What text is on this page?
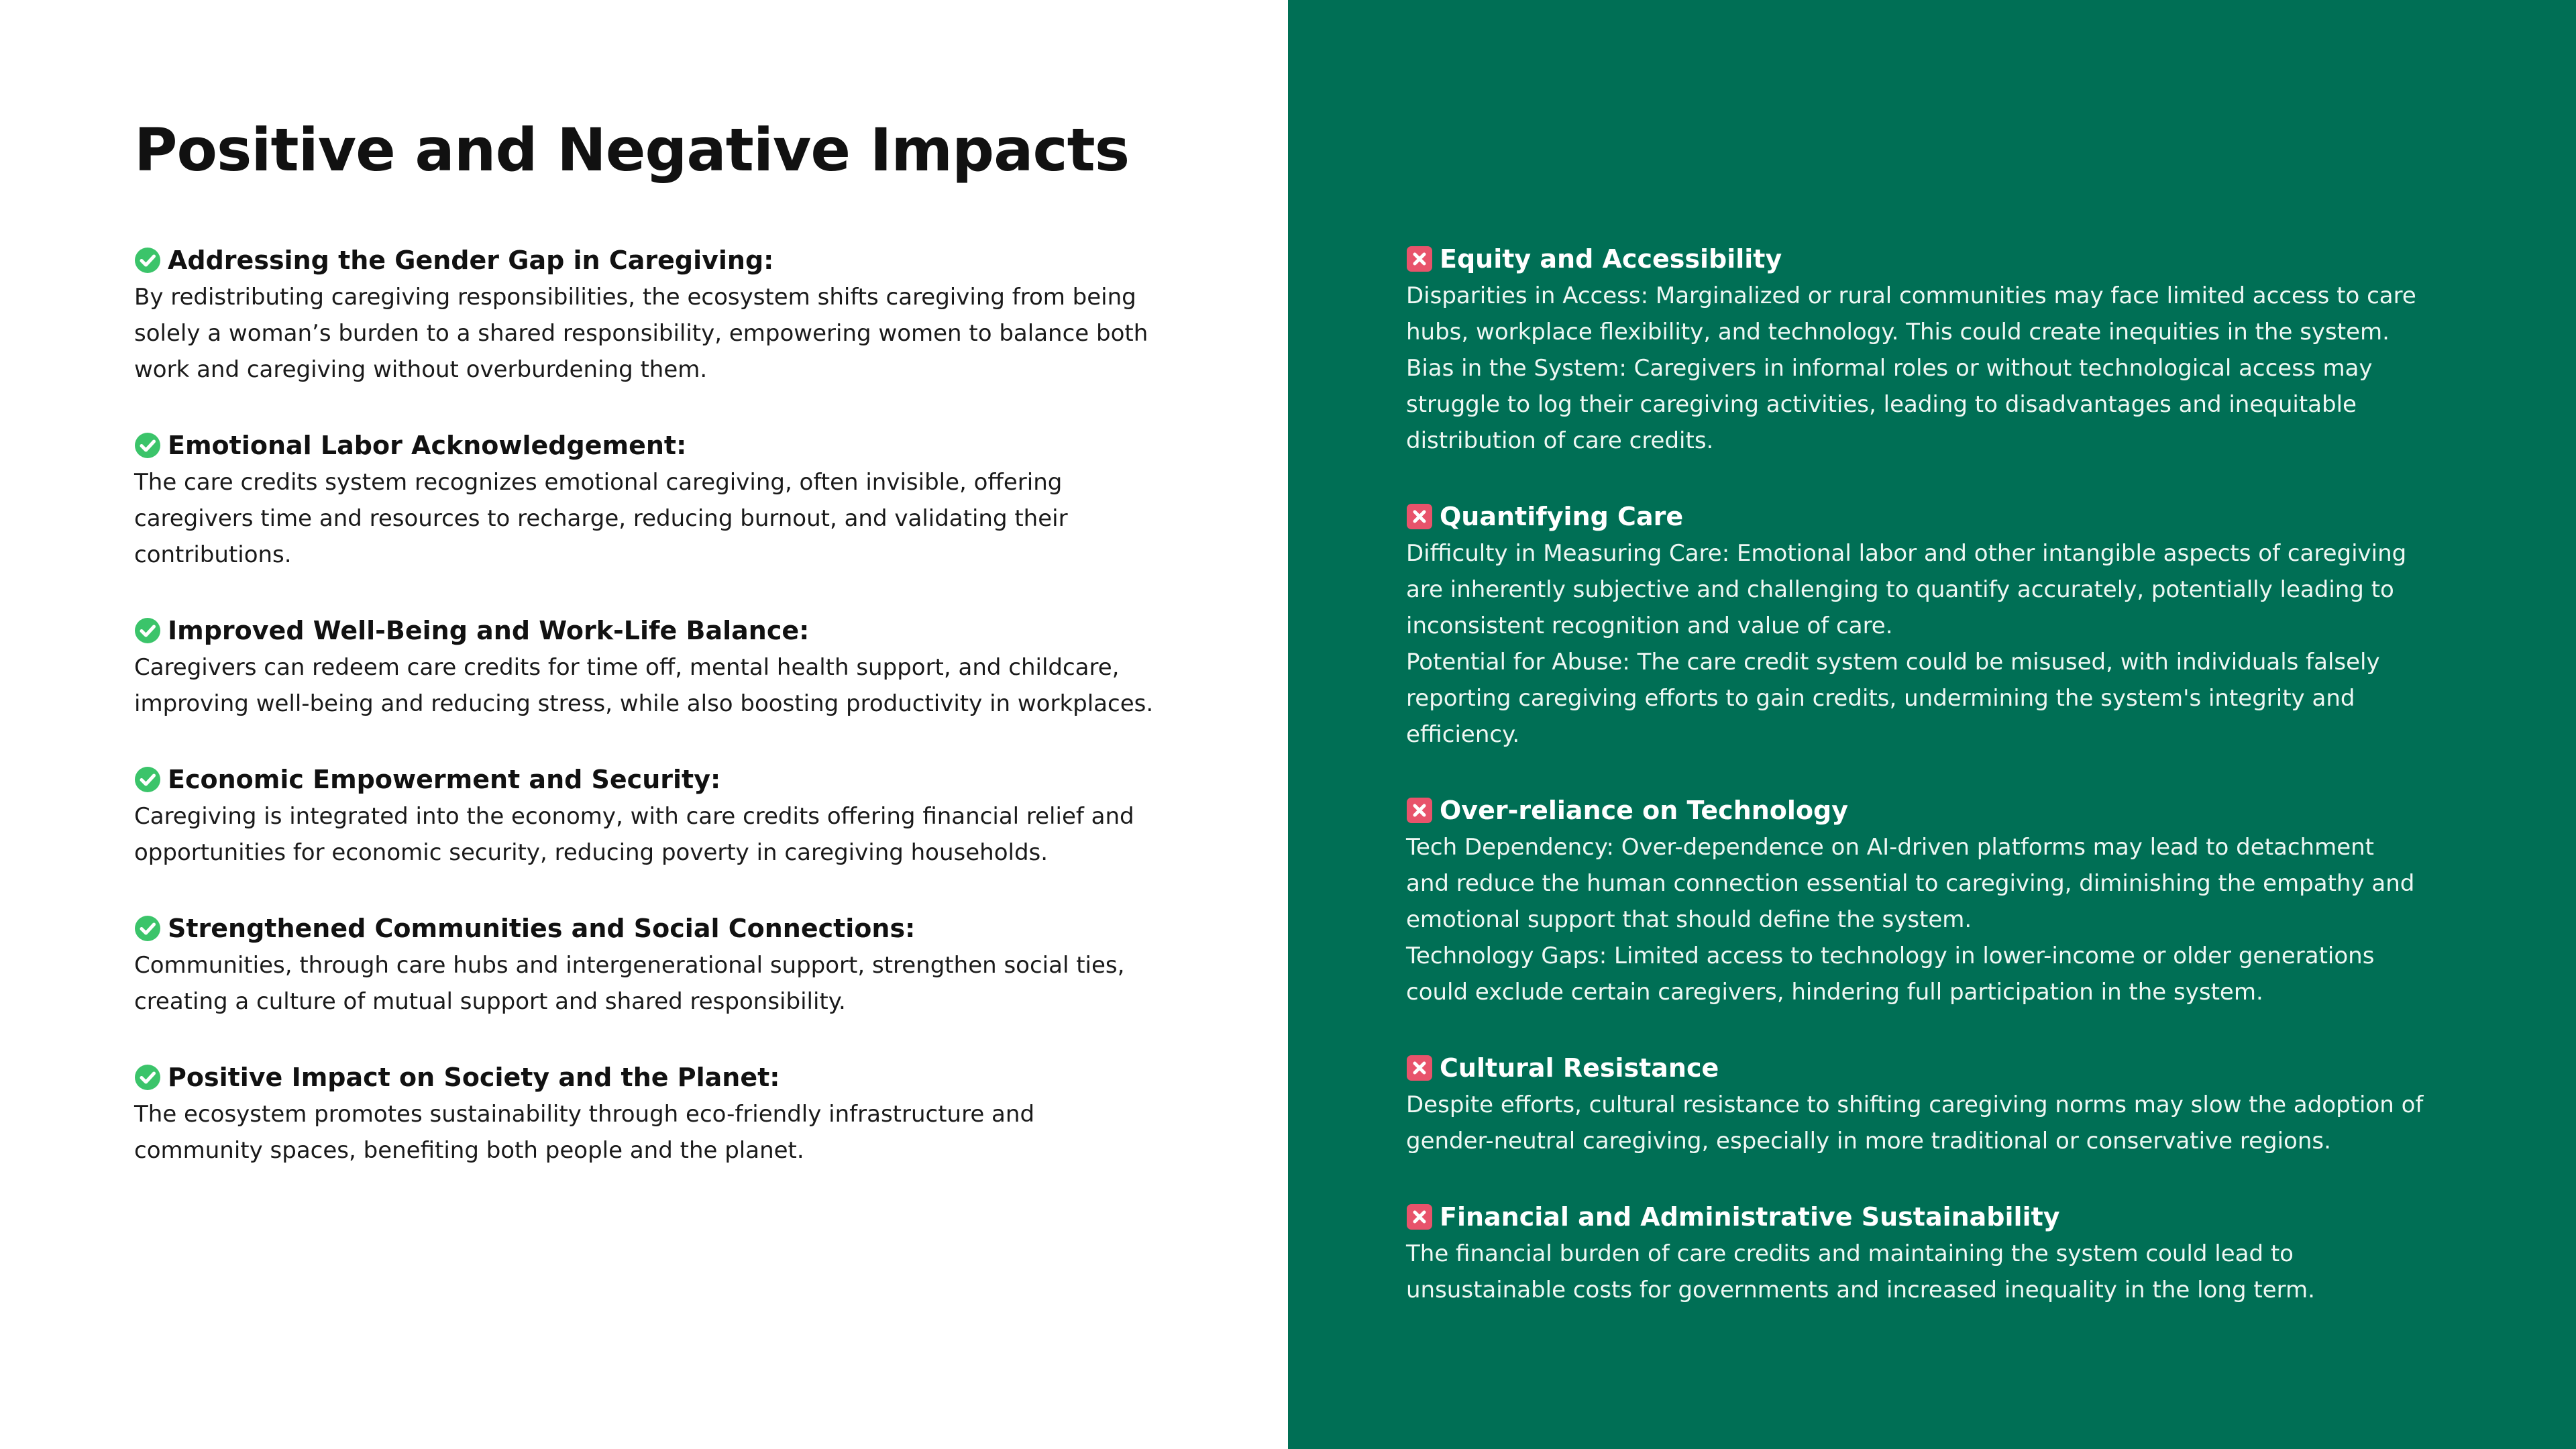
Positive and Negative Impacts
Addressing the Gender Gap in Caregiving:
By redistributing caregiving responsibilities, the ecosystem shifts caregiving from being
solely a woman’s burden to a shared responsibility, empowering women to balance both
work and caregiving without overburdening them.
Emotional Labor Acknowledgement:
The care credits system recognizes emotional caregiving, often invisible, offering
caregivers time and resources to recharge, reducing burnout, and validating their
contributions.
Improved Well-Being and Work-Life Balance:
Caregivers can redeem care credits for time off, mental health support, and childcare,
improving well-being and reducing stress, while also boosting productivity in workplaces.
Economic Empowerment and Security:
Caregiving is integrated into the economy, with care credits offering financial relief and
opportunities for economic security, reducing poverty in caregiving households.
Strengthened Communities and Social Connections:
Communities, through care hubs and intergenerational support, strengthen social ties,
creating a culture of mutual support and shared responsibility.
Positive Impact on Society and the Planet:
The ecosystem promotes sustainability through eco-friendly infrastructure and
community spaces, benefiting both people and the planet.
Equity and Accessibility
Disparities in Access: Marginalized or rural communities may face limited access to care
hubs, workplace flexibility, and technology. This could create inequities in the system.
Bias in the System: Caregivers in informal roles or without technological access may
struggle to log their caregiving activities, leading to disadvantages and inequitable
distribution of care credits.
Quantifying Care
Difficulty in Measuring Care: Emotional labor and other intangible aspects of caregiving
are inherently subjective and challenging to quantify accurately, potentially leading to
inconsistent recognition and value of care.
Potential for Abuse: The care credit system could be misused, with individuals falsely
reporting caregiving efforts to gain credits, undermining the system's integrity and
efficiency.
Over-reliance on Technology
Tech Dependency: Over-dependence on AI-driven platforms may lead to detachment
and reduce the human connection essential to caregiving, diminishing the empathy and
emotional support that should define the system.
Technology Gaps: Limited access to technology in lower-income or older generations
could exclude certain caregivers, hindering full participation in the system.
Cultural Resistance
Despite efforts, cultural resistance to shifting caregiving norms may slow the adoption of
gender-neutral caregiving, especially in more traditional or conservative regions.
Financial and Administrative Sustainability
The financial burden of care credits and maintaining the system could lead to
unsustainable costs for governments and increased inequality in the long term.
